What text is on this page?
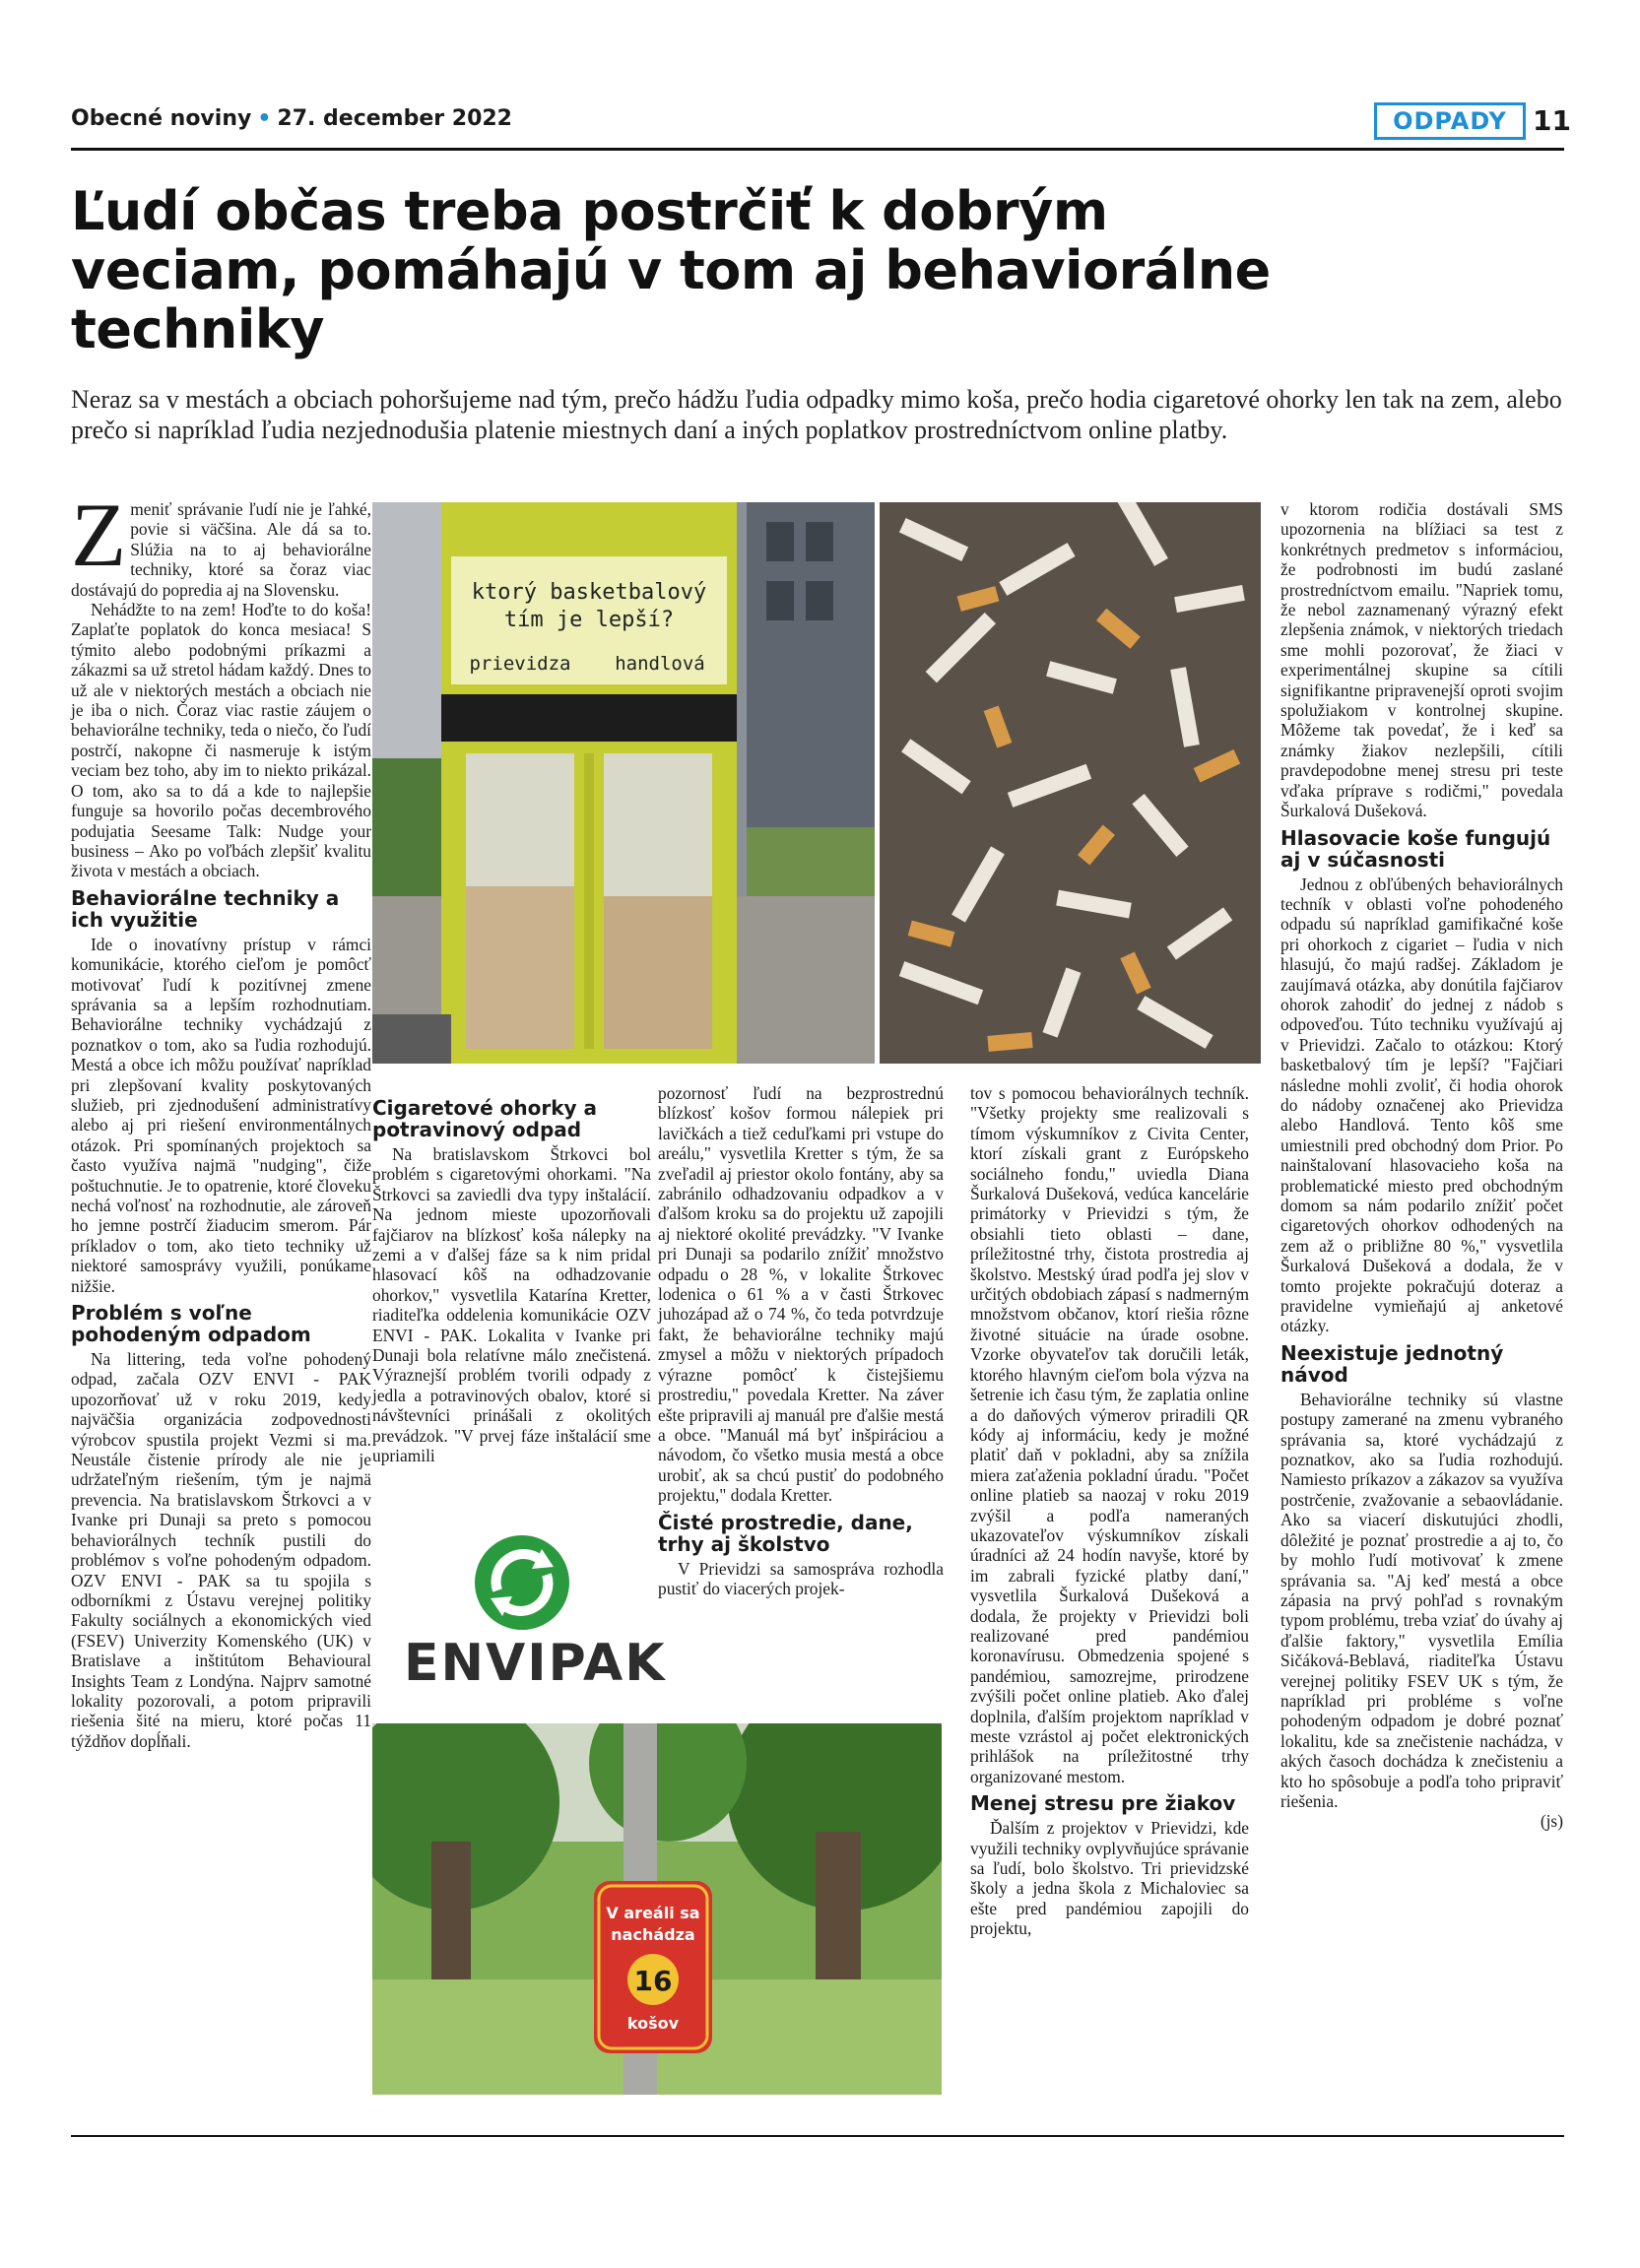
Obecné noviny • 27. december 2022	ODPADY 11
Ľudí občas treba postrčiť k dobrým veciam, pomáhajú v tom aj behaviorálne techniky

Neraz sa v mestách a obciach pohoršujeme nad tým, prečo hádžu ľudia odpadky mimo koša, prečo hodia cigaretové ohorky len tak na zem, alebo prečo si napríklad ľudia nezjednodušia platenie miestnych daní a iných poplatkov prostredníctvom online platby.

Zmeniť správanie ľudí nie je ľahké, povie si väčšina. Ale dá sa to. Slúžia na to aj behaviorálne techniky, ktoré sa čoraz viac dostávajú do popredia aj na Slovensku.

Nehádžte to na zem! Hoďte to do koša! Zaplaťte poplatok do konca mesiaca! S týmito alebo podobnými príkazmi a zákazmi sa už stretol hádam každý. Dnes to už ale v niektorých mestách a obciach nie je iba o nich. Čoraz viac rastie záujem o behaviorálne techniky, teda o niečo, čo ľudí postrčí, nakopne či nasmeruje k istým veciam bez toho, aby im to niekto prikázal. O tom, ako sa to dá a kde to najlepšie funguje sa hovorilo počas decembrového podujatia Seesame Talk: Nudge your business – Ako po voľbách zlepšiť kvalitu života v mestách a obciach.

Behaviorálne techniky a ich využitie

Ide o inovatívny prístup v rámci komunikácie, ktorého cieľom je pomôcť motivovať ľudí k pozitívnej zmene správania sa a lepším rozhodnutiam. Behaviorálne techniky vychádzajú z poznatkov o tom, ako sa ľudia rozhodujú. Mestá a obce ich môžu používať napríklad pri zlepšovaní kvality poskytovaných služieb, pri zjednodušení administratívy alebo aj pri riešení environmentálnych otázok. Pri spomínaných projektoch sa často využíva najmä "nudging", čiže poštuchnutie. Je to opatrenie, ktoré človeku nechá voľnosť na rozhodnutie, ale zároveň ho jemne postrčí žiaducim smerom. Pár príkladov o tom, ako tieto techniky už niektoré samosprávy využili, ponúkame nižšie.

Problém s voľne pohodeným odpadom

Na littering, teda voľne pohodený odpad, začala OZV ENVI - PAK upozorňovať už v roku 2019, kedy najväčšia organizácia zodpovednosti výrobcov spustila projekt Vezmi si ma. Neustále čistenie prírody ale nie je udržateľným riešením, tým je najmä prevencia. Na bratislavskom Štrkovci a v Ivanke pri Dunaji sa preto s pomocou behaviorálnych techník pustili do problémov s voľne pohodeným odpadom. OZV ENVI - PAK sa tu spojila s odborníkmi z Ústavu verejnej politiky Fakulty sociálnych a ekonomických vied (FSEV) Univerzity Komenského (UK) v Bratislave a inštitútom Behavioural Insights Team z Londýna. Najprv samotné lokality pozorovali, a potom pripravili riešenia šité na mieru, ktoré počas 11 týždňov dopĺňali.

ktorý basketbalový
tím je lepší?
prievidza handlová
Cigaretové ohorky a potravinový odpad

Na bratislavskom Štrkovci bol problém s cigaretovými ohorkami. "Na Štrkovci sa zaviedli dva typy inštalácií. Na jednom mieste upozorňovali fajčiarov na blízkosť koša nálepky na zemi a v ďalšej fáze sa k nim pridal hlasovací kôš na odhadzovanie ohorkov," vysvetlila Katarína Kretter, riaditeľka oddelenia komunikácie OZV ENVI - PAK. Lokalita v Ivanke pri Dunaji bola relatívne málo znečistená. Výraznejší problém tvorili odpady z jedla a potravinových obalov, ktoré si návštevníci prinášali z okolitých prevádzok. "V prvej fáze inštalácií sme upriamili

ENVIPAK

pozornosť ľudí na bezprostrednú blízkosť košov formou nálepiek pri lavičkách a tiež ceduľkami pri vstupe do areálu," vysvetlila Kretter s tým, že sa zveľadil aj priestor okolo fontány, aby sa zabránilo odhadzovaniu odpadkov a v ďalšom kroku sa do projektu už zapojili aj niektoré okolité prevádzky. "V Ivanke pri Dunaji sa podarilo znížiť množstvo odpadu o 28 %, v lokalite Štrkovec lodenica o 61 % a v časti Štrkovec juhozápad až o 74 %, čo teda potvrdzuje fakt, že behaviorálne techniky majú zmysel a môžu v niektorých prípadoch výrazne pomôcť k čistejšiemu prostrediu," povedala Kretter. Na záver ešte pripravili aj manuál pre ďalšie mestá a obce. "Manuál má byť inšpiráciou a návodom, čo všetko musia mestá a obce urobiť, ak sa chcú pustiť do podobného projektu," dodala Kretter.

Čisté prostredie, dane, trhy aj školstvo

V Prievidzi sa samospráva rozhodla pustiť do viacerých projek-

tov s pomocou behaviorálnych techník. "Všetky projekty sme realizovali s tímom výskumníkov z Civita Center, ktorí získali grant z Európskeho sociálneho fondu," uviedla Diana Šurkalová Dušeková, vedúca kancelárie primátorky v Prievidzi s tým, že obsiahli tieto oblasti – dane, príležitostné trhy, čistota prostredia aj školstvo. Mestský úrad podľa jej slov v určitých obdobiach zápasí s nadmerným množstvom občanov, ktorí riešia rôzne životné situácie na úrade osobne. Vzorke obyvateľov tak doručili leták, ktorého hlavným cieľom bola výzva na šetrenie ich času tým, že zaplatia online a do daňových výmerov priradili QR kódy aj informáciu, kedy je možné platiť daň v pokladni, aby sa znížila miera zaťaženia pokladní úradu. "Počet online platieb sa naozaj v roku 2019 zvýšil a podľa nameraných ukazovateľov výskumníkov získali úradníci až 24 hodín navyše, ktoré by im zabrali fyzické platby daní," vysvetlila Šurkalová Dušeková a dodala, že projekty v Prievidzi boli realizované pred pandémiou koronavírusu. Obmedzenia spojené s pandémiou, samozrejme, prirodzene zvýšili počet online platieb. Ako ďalej doplnila, ďalším projektom napríklad v meste vzrástol aj počet elektronických prihlášok na príležitostné trhy organizované mestom.

Menej stresu pre žiakov

Ďalším z projektov v Prievidzi, kde využili techniky ovplyvňujúce správanie sa ľudí, bolo školstvo. Tri prievidzské školy a jedna škola z Michaloviec sa ešte pred pandémiou zapojili do projektu,

v ktorom rodičia dostávali SMS upozornenia na blížiaci sa test z konkrétnych predmetov s informáciou, že podrobnosti im budú zaslané prostredníctvom emailu. "Napriek tomu, že nebol zaznamenaný výrazný efekt zlepšenia známok, v niektorých triedach sme mohli pozorovať, že žiaci v experimentálnej skupine sa cítili signifikantne pripravenejší oproti svojim spolužiakom v kontrolnej skupine. Môžeme tak povedať, že i keď sa známky žiakov nezlepšili, cítili pravdepodobne menej stresu pri teste vďaka príprave s rodičmi," povedala Šurkalová Dušeková.

Hlasovacie koše fungujú aj v súčasnosti

Jednou z obľúbených behaviorálnych techník v oblasti voľne pohodeného odpadu sú napríklad gamifikačné koše pri ohorkoch z cigariet – ľudia v nich hlasujú, čo majú radšej. Základom je zaujímavá otázka, aby donútila fajčiarov ohorok zahodiť do jednej z nádob s odpoveďou. Túto techniku využívajú aj v Prievidzi. Začalo to otázkou: Ktorý basketbalový tím je lepší? "Fajčiari následne mohli zvoliť, či hodia ohorok do nádoby označenej ako Prievidza alebo Handlová. Tento kôš sme umiestnili pred obchodný dom Prior. Po nainštalovaní hlasovacieho koša na problematické miesto pred obchodným domom sa nám podarilo znížiť počet cigaretových ohorkov odhodených na zem až o približne 80 %," vysvetlila Šurkalová Dušeková a dodala, že v tomto projekte pokračujú doteraz a pravidelne vymieňajú aj anketové otázky.

Neexistuje jednotný návod

Behaviorálne techniky sú vlastne postupy zamerané na zmenu vybraného správania sa, ktoré vychádzajú z poznatkov, ako sa ľudia rozhodujú. Namiesto príkazov a zákazov sa využíva postrčenie, zvažovanie a sebaovládanie. Ako sa viacerí diskutujúci zhodli, dôležité je poznať prostredie a aj to, čo by mohlo ľudí motivovať k zmene správania sa. "Aj keď mestá a obce zápasia na prvý pohľad s rovnakým typom problému, treba vziať do úvahy aj ďalšie faktory," vysvetlila Emília Sičáková-Beblavá, riaditeľka Ústavu verejnej politiky FSEV UK s tým, že napríklad pri probléme s voľne pohodeným odpadom je dobré poznať lokalitu, kde sa znečistenie nachádza, v akých časoch dochádza k znečisteniu a kto ho spôsobuje a podľa toho pripraviť riešenia.

(js)

V areáli sa
nachádza
16
košov
